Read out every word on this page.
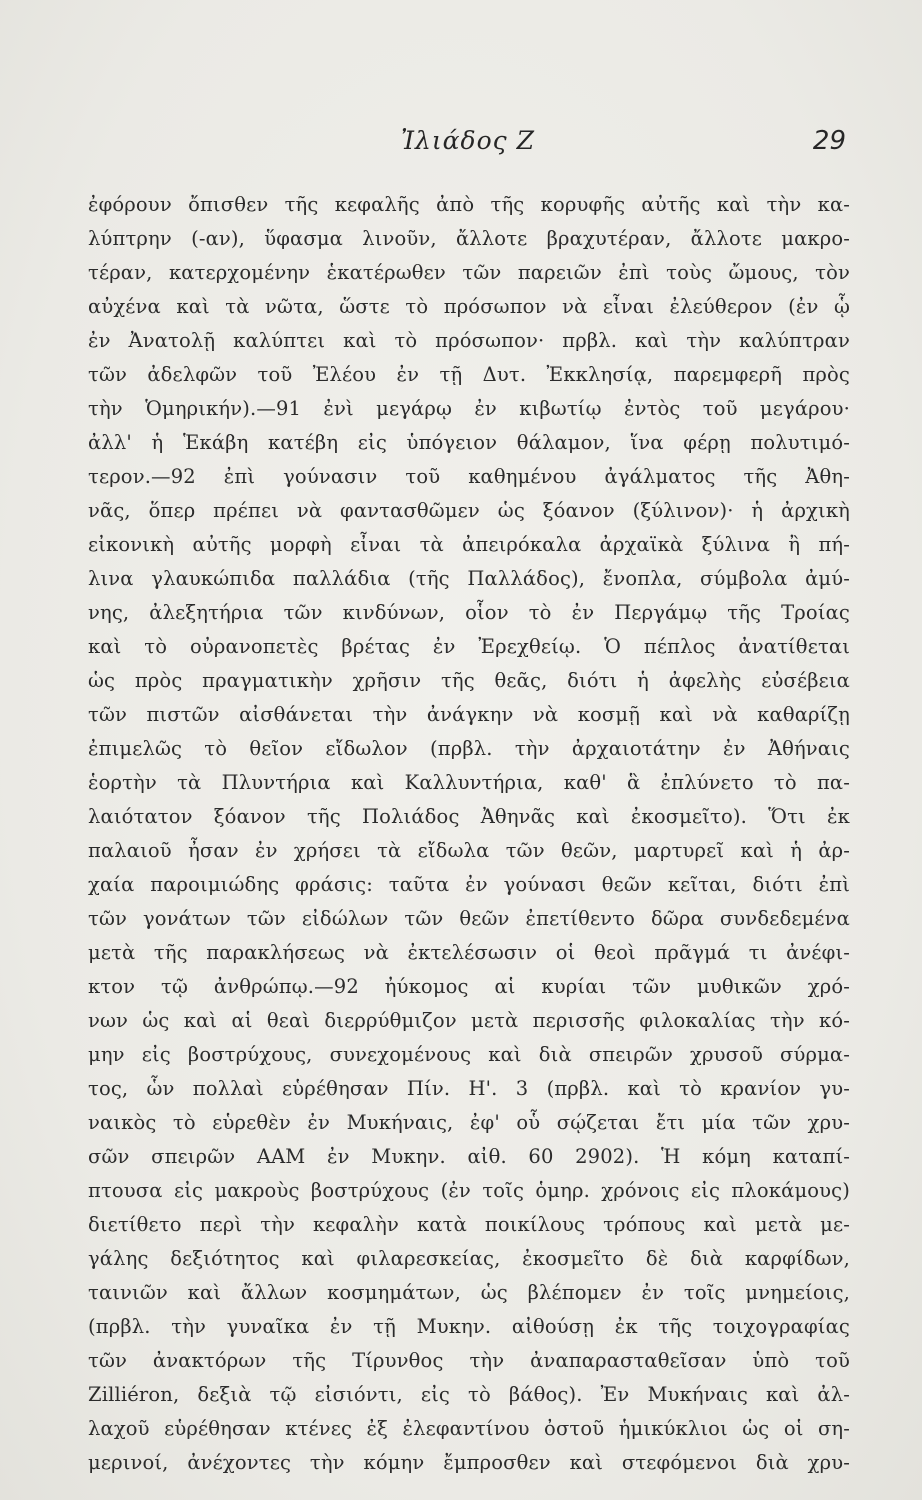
Ἰλιάδος Ζ	29
ἐφόρουν ὄπισθεν τῆς κεφαλῆς ἀπὸ τῆς κορυφῆς αὐτῆς καὶ τὴν κα-
λύπτρην (-αν), ὕφασμα λινοῦν, ἄλλοτε βραχυτέραν, ἄλλοτε μακρο-
τέραν, κατερχομένην ἑκατέρωθεν τῶν παρειῶν ἐπὶ τοὺς ὤμους, τὸν
αὐχένα καὶ τὰ νῶτα, ὥστε τὸ πρόσωπον νὰ εἶναι ἐλεύθερον (ἐν ᾧ
ἐν Ἀνατολῇ καλύπτει καὶ τὸ πρόσωπον· πρβλ. καὶ τὴν καλύπτραν
τῶν ἀδελφῶν τοῦ Ἐλέου ἐν τῇ Δυτ. Ἐκκλησίᾳ, παρεμφερῆ πρὸς
τὴν Ὁμηρικήν).—91 ἐνὶ μεγάρῳ ἐν κιβωτίῳ ἐντὸς τοῦ μεγάρου·
ἀλλ' ἡ Ἑκάβη κατέβη εἰς ὑπόγειον θάλαμον, ἵνα φέρῃ πολυτιμό-
τερον.—92 ἐπὶ γούνασιν τοῦ καθημένου ἀγάλματος τῆς Ἀθη-
νᾶς, ὅπερ πρέπει νὰ φαντασθῶμεν ὡς ξόανον (ξύλινον)· ἡ ἀρχικὴ
εἰκονικὴ αὐτῆς μορφὴ εἶναι τὰ ἀπειρόκαλα ἀρχαϊκὰ ξύλινα ἢ πή-
λινα γλαυκώπιδα παλλάδια (τῆς Παλλάδος), ἔνοπλα, σύμβολα ἀμύ-
νης, ἀλεξητήρια τῶν κινδύνων, οἷον τὸ ἐν Περγάμῳ τῆς Τροίας
καὶ τὸ οὐρανοπετὲς βρέτας ἐν Ἐρεχθείῳ. Ὁ πέπλος ἀνατίθεται
ὡς πρὸς πραγματικὴν χρῆσιν τῆς θεᾶς, διότι ἡ ἀφελὴς εὐσέβεια
τῶν πιστῶν αἰσθάνεται τὴν ἀνάγκην νὰ κοσμῇ καὶ νὰ καθαρίζῃ
ἐπιμελῶς τὸ θεῖον εἴδωλον (πρβλ. τὴν ἀρχαιοτάτην ἐν Ἀθήναις
ἑορτὴν τὰ Πλυντήρια καὶ Καλλυντήρια, καθ' ἃ ἐπλύνετο τὸ πα-
λαιότατον ξόανον τῆς Πολιάδος Ἀθηνᾶς καὶ ἐκοσμεῖτο). Ὅτι ἐκ
παλαιοῦ ἦσαν ἐν χρήσει τὰ εἴδωλα τῶν θεῶν, μαρτυρεῖ καὶ ἡ ἀρ-
χαία παροιμιώδης φράσις: ταῦτα ἐν γούνασι θεῶν κεῖται, διότι ἐπὶ
τῶν γονάτων τῶν εἰδώλων τῶν θεῶν ἐπετίθεντο δῶρα συνδεδεμένα
μετὰ τῆς παρακλήσεως νὰ ἐκτελέσωσιν οἱ θεοὶ πρᾶγμά τι ἀνέφι-
κτον τῷ ἀνθρώπῳ.—92 ἠύκομος αἱ κυρίαι τῶν μυθικῶν χρό-
νων ὡς καὶ αἱ θεαὶ διερρύθμιζον μετὰ περισσῆς φιλοκαλίας τὴν κό-
μην εἰς βοστρύχους, συνεχομένους καὶ διὰ σπειρῶν χρυσοῦ σύρμα-
τος, ὧν πολλαὶ εὑρέθησαν Πίν. Η'. 3 (πρβλ. καὶ τὸ κρανίον γυ-
ναικὸς τὸ εὑρεθὲν ἐν Μυκήναις, ἐφ' οὗ σῴζεται ἔτι μία τῶν χρυ-
σῶν σπειρῶν ΑΑΜ ἐν Μυκην. αἰθ. 60 2902). Ἡ κόμη καταπί-
πτουσα εἰς μακροὺς βοστρύχους (ἐν τοῖς ὁμηρ. χρόνοις εἰς πλοκάμους)
διετίθετο περὶ τὴν κεφαλὴν κατὰ ποικίλους τρόπους καὶ μετὰ με-
γάλης δεξιότητος καὶ φιλαρεσκείας, ἐκοσμεῖτο δὲ διὰ καρφίδων,
ταινιῶν καὶ ἄλλων κοσμημάτων, ὡς βλέπομεν ἐν τοῖς μνημείοις,
(πρβλ. τὴν γυναῖκα ἐν τῇ Μυκην. αἰθούσῃ ἐκ τῆς τοιχογραφίας
τῶν ἀνακτόρων τῆς Τίρυνθος τὴν ἀναπαρασταθεῖσαν ὑπὸ τοῦ
Zilliéron, δεξιὰ τῷ εἰσιόντι, εἰς τὸ βάθος). Ἐν Μυκήναις καὶ ἀλ-
λαχοῦ εὑρέθησαν κτένες ἐξ ἐλεφαντίνου ὀστοῦ ἡμικύκλιοι ὡς οἱ ση-
μερινοί, ἀνέχοντες τὴν κόμην ἔμπροσθεν καὶ στεφόμενοι διὰ χρυ-
